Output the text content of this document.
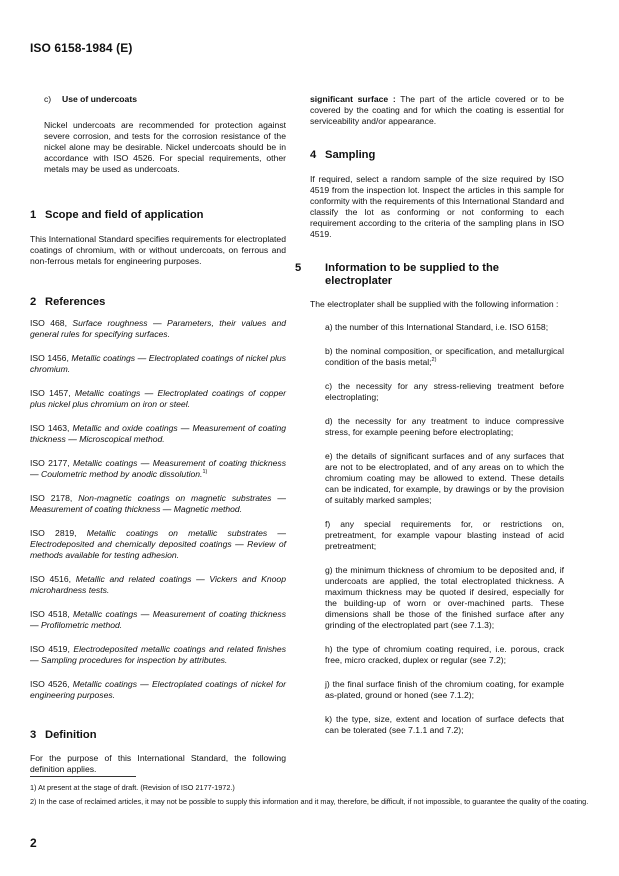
ISO 6158-1984 (E)
c) Use of undercoats

Nickel undercoats are recommended for protection against severe corrosion, and tests for the corrosion resistance of the nickel alone may be desirable. Nickel undercoats should be in accordance with ISO 4526. For special requirements, other metals may be used as undercoats.

1 Scope and field of application

This International Standard specifies requirements for electroplated coatings of chromium, with or without undercoats, on ferrous and non-ferrous metals for engineering purposes.

2 References

ISO 468, Surface roughness — Parameters, their values and general rules for specifying surfaces.

ISO 1456, Metallic coatings — Electroplated coatings of nickel plus chromium.

ISO 1457, Metallic coatings — Electroplated coatings of copper plus nickel plus chromium on iron or steel.

ISO 1463, Metallic and oxide coatings — Measurement of coating thickness — Microscopical method.

ISO 2177, Metallic coatings — Measurement of coating thickness — Coulometric method by anodic dissolution.$^{1)}$

ISO 2178, Non-magnetic coatings on magnetic substrates — Measurement of coating thickness — Magnetic method.

ISO 2819, Metallic coatings on metallic substrates — Electrodeposited and chemically deposited coatings — Review of methods available for testing adhesion.

ISO 4516, Metallic and related coatings — Vickers and Knoop microhardness tests.

ISO 4518, Metallic coatings — Measurement of coating thickness — Profilometric method.

ISO 4519, Electrodeposited metallic coatings and related finishes — Sampling procedures for inspection by attributes.

ISO 4526, Metallic coatings — Electroplated coatings of nickel for engineering purposes.

3 Definition

For the purpose of this International Standard, the following definition applies.

significant surface : The part of the article covered or to be covered by the coating and for which the coating is essential for serviceability and/or appearance.

4 Sampling

If required, select a random sample of the size required by ISO 4519 from the inspection lot. Inspect the articles in this sample for conformity with the requirements of this International Standard and classify the lot as conforming or not conforming to each requirement according to the criteria of the sampling plans in ISO 4519.

5 Information to be supplied to the electroplater

The electroplater shall be supplied with the following information :

a) the number of this International Standard, i.e. ISO 6158;

b) the nominal composition, or specification, and metallurgical condition of the basis metal;$^{2)}$

c) the necessity for any stress-relieving treatment before electroplating;

d) the necessity for any treatment to induce compressive stress, for example peening before electroplating;

e) the details of significant surfaces and of any surfaces that are not to be electroplated, and of any areas on to which the chromium coating may be allowed to extend. These details can be indicated, for example, by drawings or by the provision of suitably marked samples;

f) any special requirements for, or restrictions on, pretreatment, for example vapour blasting instead of acid pretreatment;

g) the minimum thickness of chromium to be deposited and, if undercoats are applied, the total electroplated thickness. A maximum thickness may be quoted if desired, especially for the building-up of worn or over-machined parts. These dimensions shall be those of the finished surface after any grinding of the electroplated part (see 7.1.3);

h) the type of chromium coating required, i.e. porous, crack free, micro cracked, duplex or regular (see 7.2);

j) the final surface finish of the chromium coating, for example as-plated, ground or honed (see 7.1.2);

k) the type, size, extent and location of surface defects that can be tolerated (see 7.1.1 and 7.2);

1) At present at the stage of draft. (Revision of ISO 2177-1972.)

2) In the case of reclaimed articles, it may not be possible to supply this information and it may, therefore, be difficult, if not impossible, to guarantee the quality of the coating.

2
